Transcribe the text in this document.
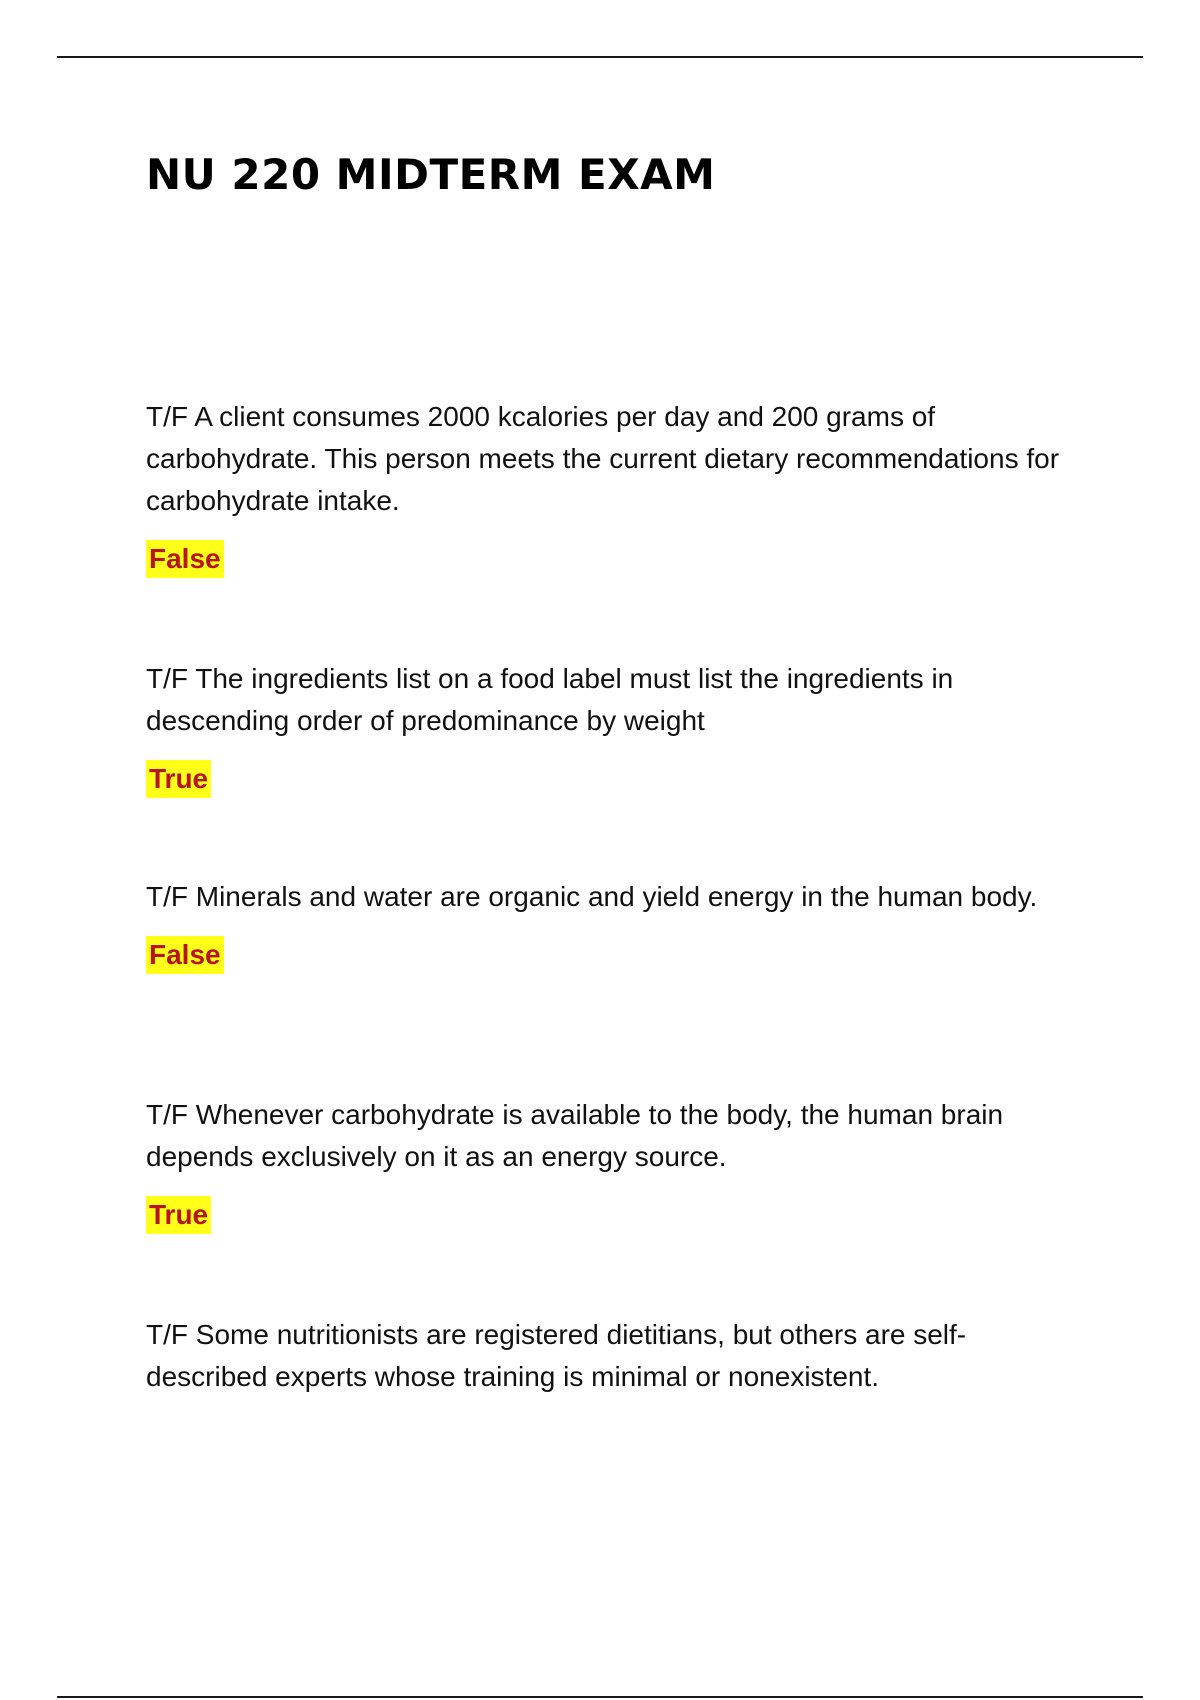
NU 220 MIDTERM EXAM

T/F A client consumes 2000 kcalories per day and 200 grams of carbohydrate. This person meets the current dietary recommendations for carbohydrate intake.

False

T/F The ingredients list on a food label must list the ingredients in descending order of predominance by weight

True

T/F Minerals and water are organic and yield energy in the human body.

False

T/F Whenever carbohydrate is available to the body, the human brain depends exclusively on it as an energy source.

True

T/F Some nutritionists are registered dietitians, but others are self-described experts whose training is minimal or nonexistent.
